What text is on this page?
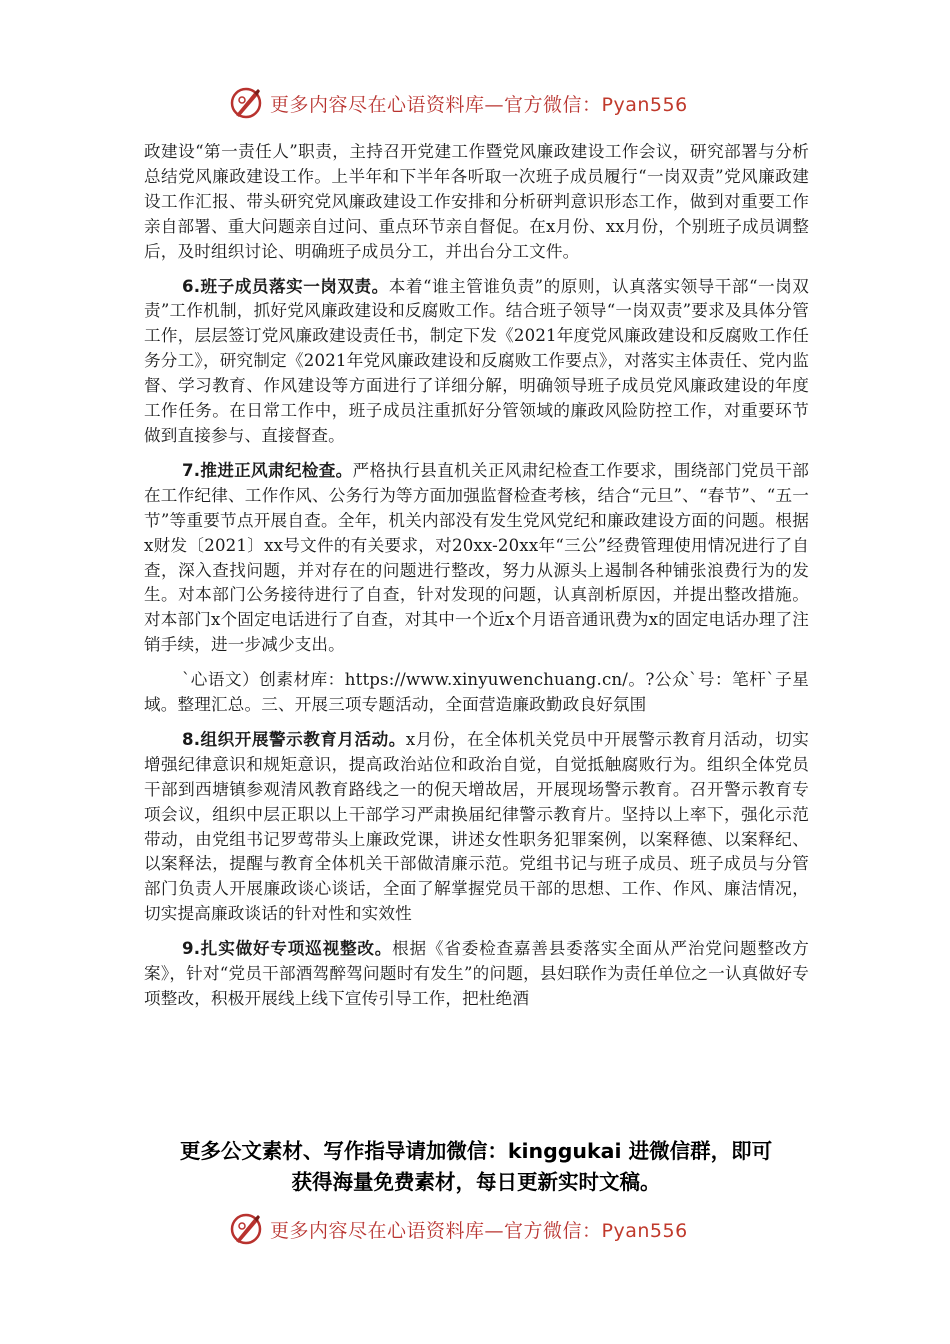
更多内容尽在心语资料库—官方微信：Pyan556

政建设“第一责任人”职责，主持召开党建工作暨党风廉政建设工作会议，研究部署与分析总结党风廉政建设工作。上半年和下半年各听取一次班子成员履行“一岗双责”党风廉政建设工作汇报、带头研究党风廉政建设工作安排和分析研判意识形态工作，做到对重要工作亲自部署、重大问题亲自过问、重点环节亲自督促。在x月份、xx月份，个别班子成员调整后，及时组织讨论、明确班子成员分工，并出台分工文件。

6.班子成员落实一岗双责。本着“谁主管谁负责”的原则，认真落实领导干部“一岗双责”工作机制，抓好党风廉政建设和反腐败工作。结合班子领导“一岗双责”要求及具体分管工作，层层签订党风廉政建设责任书，制定下发《2021年度党风廉政建设和反腐败工作任务分工》，研究制定《2021年党风廉政建设和反腐败工作要点》，对落实主体责任、党内监督、学习教育、作风建设等方面进行了详细分解，明确领导班子成员党风廉政建设的年度工作任务。在日常工作中，班子成员注重抓好分管领域的廉政风险防控工作，对重要环节做到直接参与、直接督查。

7.推进正风肃纪检查。严格执行县直机关正风肃纪检查工作要求，围绕部门党员干部在工作纪律、工作作风、公务行为等方面加强监督检查考核，结合“元旦”、“春节”、“五一节”等重要节点开展自查。全年，机关内部没有发生党风党纪和廉政建设方面的问题。根据x财发〔2021〕xx号文件的有关要求，对20xx-20xx年“三公”经费管理使用情况进行了自查，深入查找问题，并对存在的问题进行整改，努力从源头上遏制各种铺张浪费行为的发生。对本部门公务接待进行了自查，针对发现的问题，认真剖析原因，并提出整改措施。对本部门x个固定电话进行了自查，对其中一个近x个月语音通讯费为x的固定电话办理了注销手续，进一步减少支出。

`心语文）创素材库：https://www.xinyuwenchuang.cn/。?公众`号：笔杆`子星域。整理汇总。三、开展三项专题活动，全面营造廉政勤政良好氛围

8.组织开展警示教育月活动。x月份，在全体机关党员中开展警示教育月活动，切实增强纪律意识和规矩意识，提高政治站位和政治自觉，自觉抵触腐败行为。组织全体党员干部到西塘镇参观清风教育路线之一的倪天增故居，开展现场警示教育。召开警示教育专项会议，组织中层正职以上干部学习严肃换届纪律警示教育片。坚持以上率下，强化示范带动，由党组书记罗莺带头上廉政党课，讲述女性职务犯罪案例，以案释德、以案释纪、以案释法，提醒与教育全体机关干部做清廉示范。党组书记与班子成员、班子成员与分管部门负责人开展廉政谈心谈话，全面了解掌握党员干部的思想、工作、作风、廉洁情况，切实提高廉政谈话的针对性和实效性

9.扎实做好专项巡视整改。根据《省委检查嘉善县委落实全面从严治党问题整改方案》，针对“党员干部酒驾醉驾问题时有发生”的问题，县妇联作为责任单位之一认真做好专项整改，积极开展线上线下宣传引导工作，把杜绝酒

更多公文素材、写作指导请加微信：kinggukai 进微信群，即可
获得海量免费素材，每日更新实时文稿。
更多内容尽在心语资料库—官方微信：Pyan556
